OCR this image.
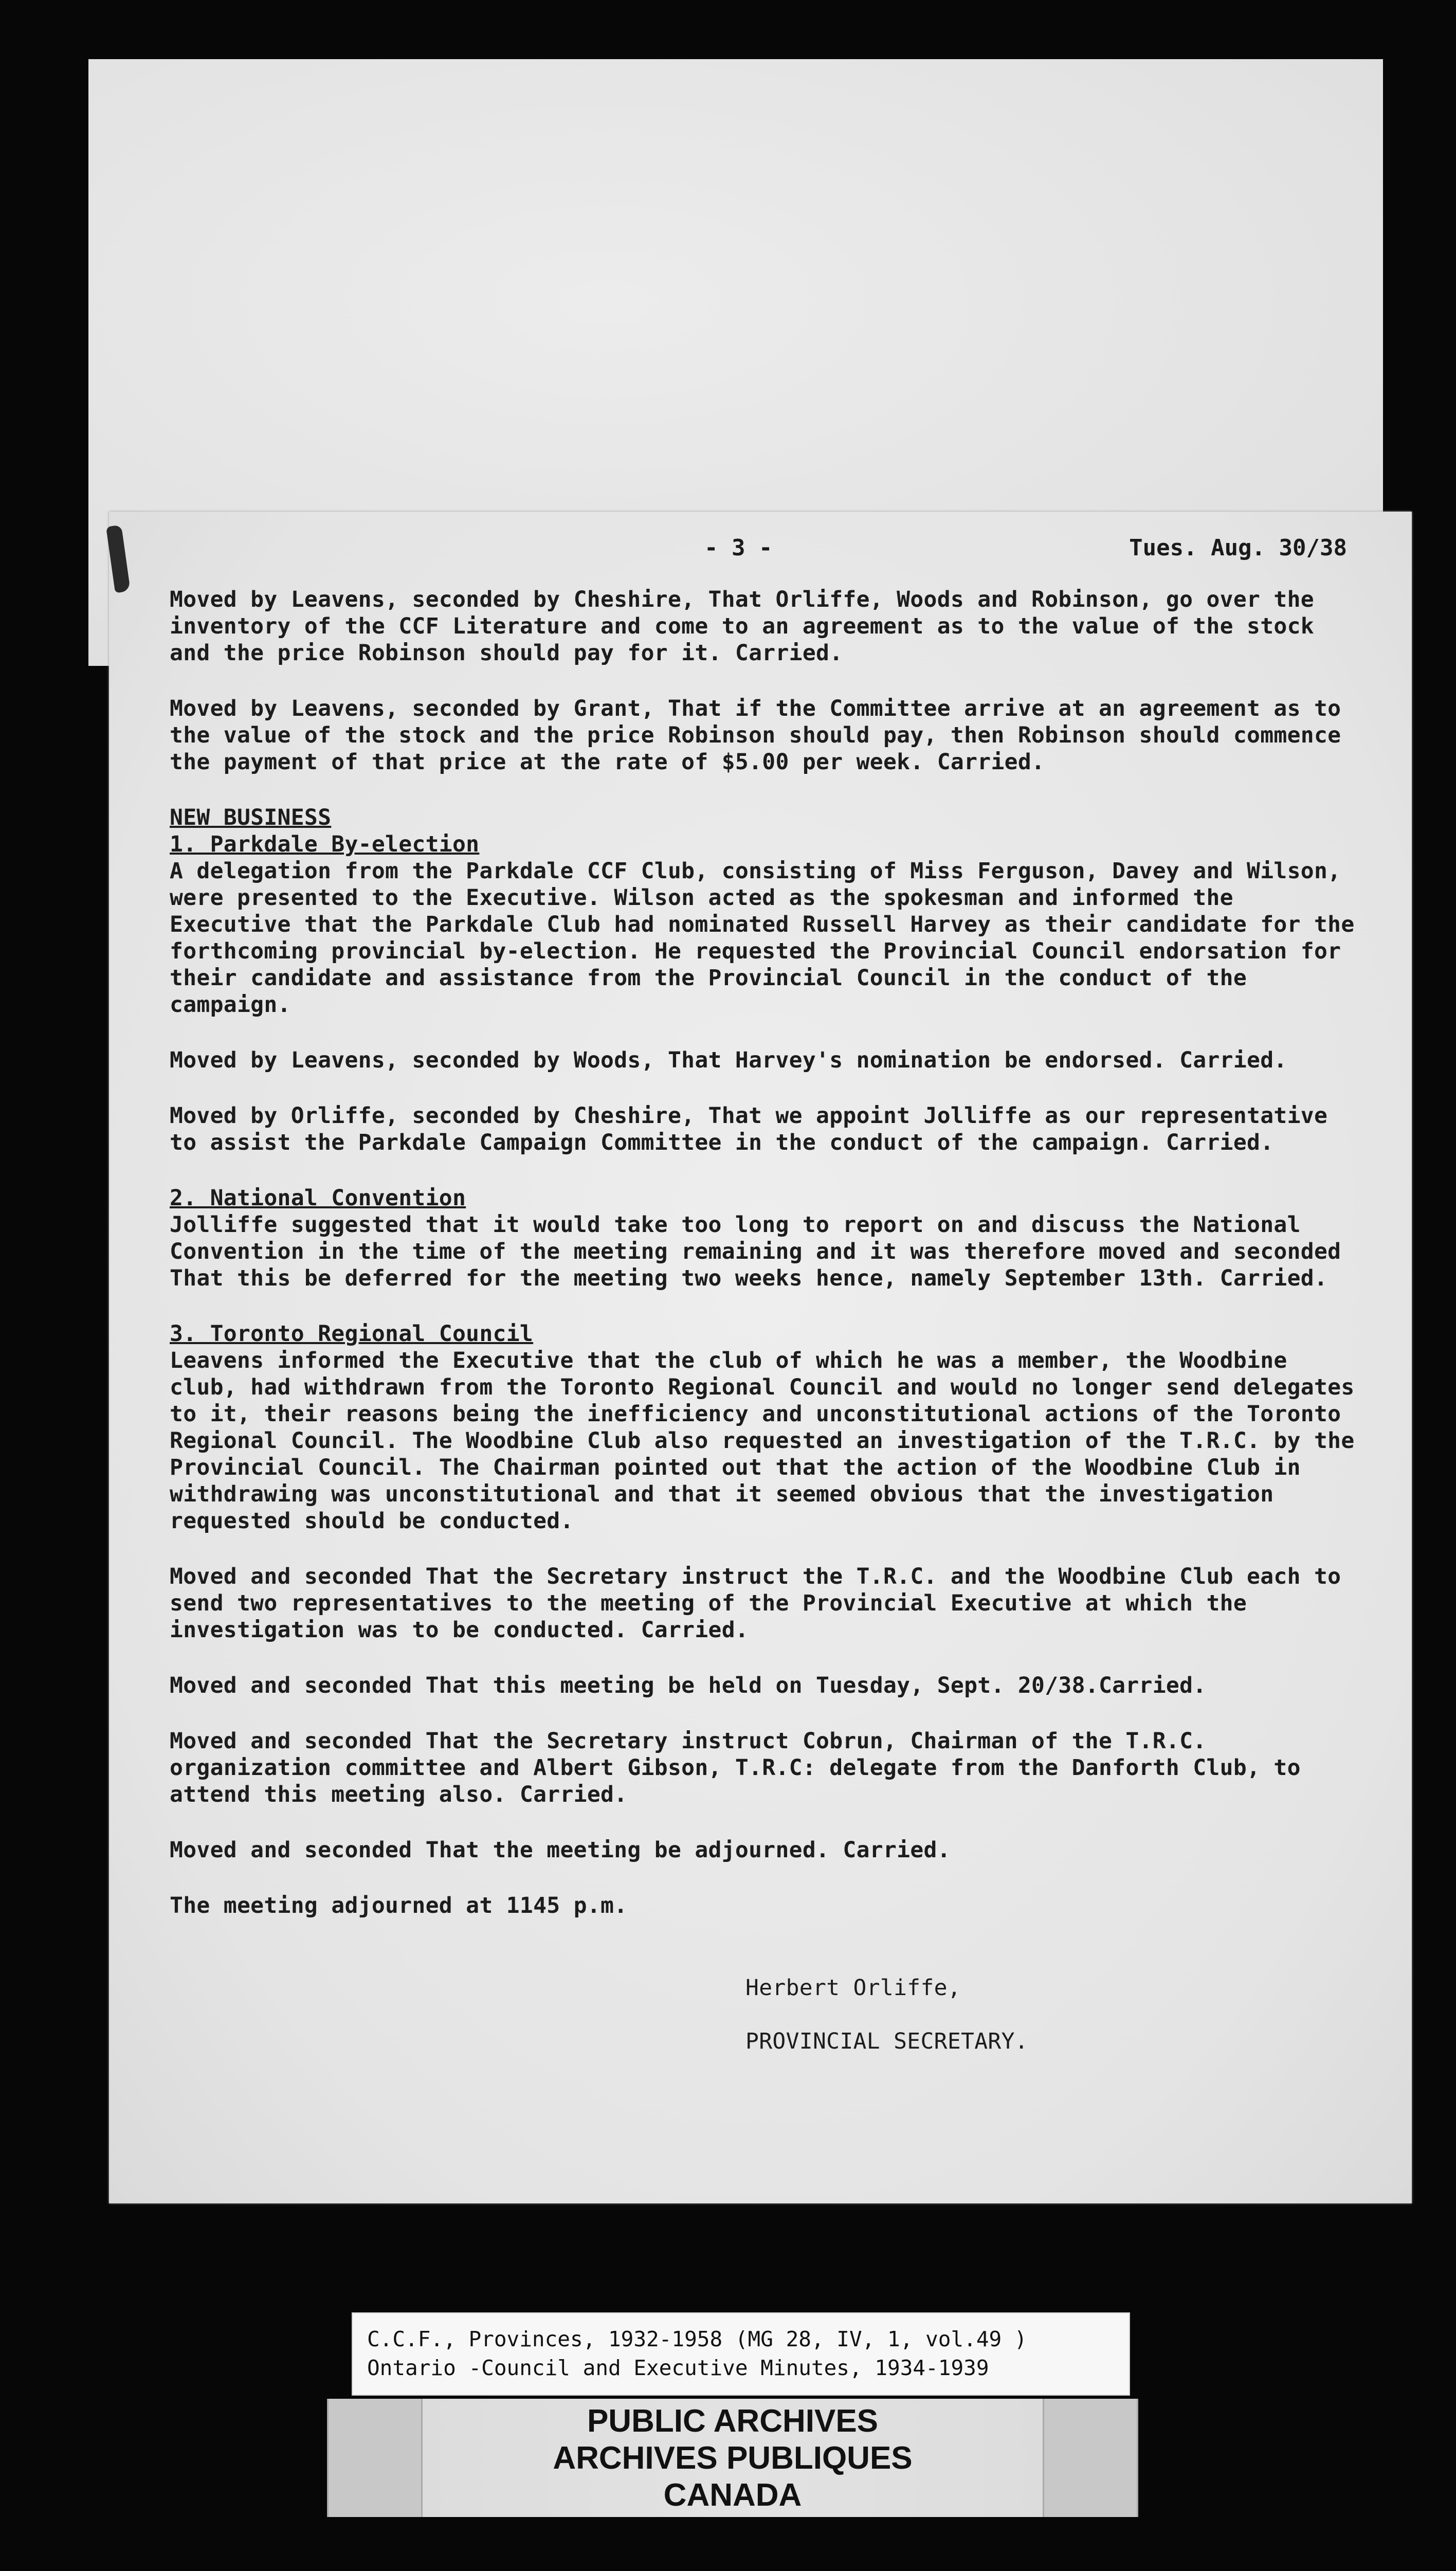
- 3 -	Tues. Aug. 30/38

Moved by Leavens, seconded by Cheshire, That Orliffe, Woods and Robinson, go over the inventory of the CCF Literature and come to an agreement as to the value of the stock and the price Robinson should pay for it. Carried.

Moved by Leavens, seconded by Grant, That if the Committee arrive at an agreement as to the value of the stock and the price Robinson should pay, then Robinson should commence the payment of that price at the rate of $5.00 per week. Carried.

NEW BUSINESS

1. Parkdale By-election

A delegation from the Parkdale CCF Club, consisting of Miss Ferguson, Davey and Wilson, were presented to the Executive. Wilson acted as the spokesman and informed the Executive that the Parkdale Club had nominated Russell Harvey as their candidate for the forthcoming provincial by-election. He requested the Provincial Council endorsation for their candidate and assistance from the Provincial Council in the conduct of the campaign.

Moved by Leavens, seconded by Woods, That Harvey's nomination be endorsed. Carried.

Moved by Orliffe, seconded by Cheshire, That we appoint Jolliffe as our representative to assist the Parkdale Campaign Committee in the conduct of the campaign. Carried.

2. National Convention

Jolliffe suggested that it would take too long to report on and discuss the National Convention in the time of the meeting remaining and it was therefore moved and seconded That this be deferred for the meeting two weeks hence, namely September 13th. Carried.

3. Toronto Regional Council

Leavens informed the Executive that the club of which he was a member, the Woodbine club, had withdrawn from the Toronto Regional Council and would no longer send delegates to it, their reasons being the inefficiency and unconstitutional actions of the Toronto Regional Council. The Woodbine Club also requested an investigation of the T.R.C. by the Provincial Council. The Chairman pointed out that the action of the Woodbine Club in withdrawing was unconstitutional and that it seemed obvious that the investigation requested should be conducted.

Moved and seconded That the Secretary instruct the T.R.C. and the Woodbine Club each to send two representatives to the meeting of the Provincial Executive at which the investigation was to be conducted. Carried.

Moved and seconded That this meeting be held on Tuesday, Sept. 20/38.Carried.

Moved and seconded That the Secretary instruct Cobrun, Chairman of the T.R.C. organization committee and Albert Gibson, T.R.C: delegate from the Danforth Club, to attend this meeting also. Carried.

Moved and seconded That the meeting be adjourned. Carried.

The meeting adjourned at 1145 p.m.

Herbert Orliffe,

PROVINCIAL SECRETARY.

C.C.F., Provinces, 1932-1958 (MG 28, IV, 1, vol.49 )
Ontario -Council and Executive Minutes, 1934-1939
PUBLIC ARCHIVES
ARCHIVES PUBLIQUES
CANADA
